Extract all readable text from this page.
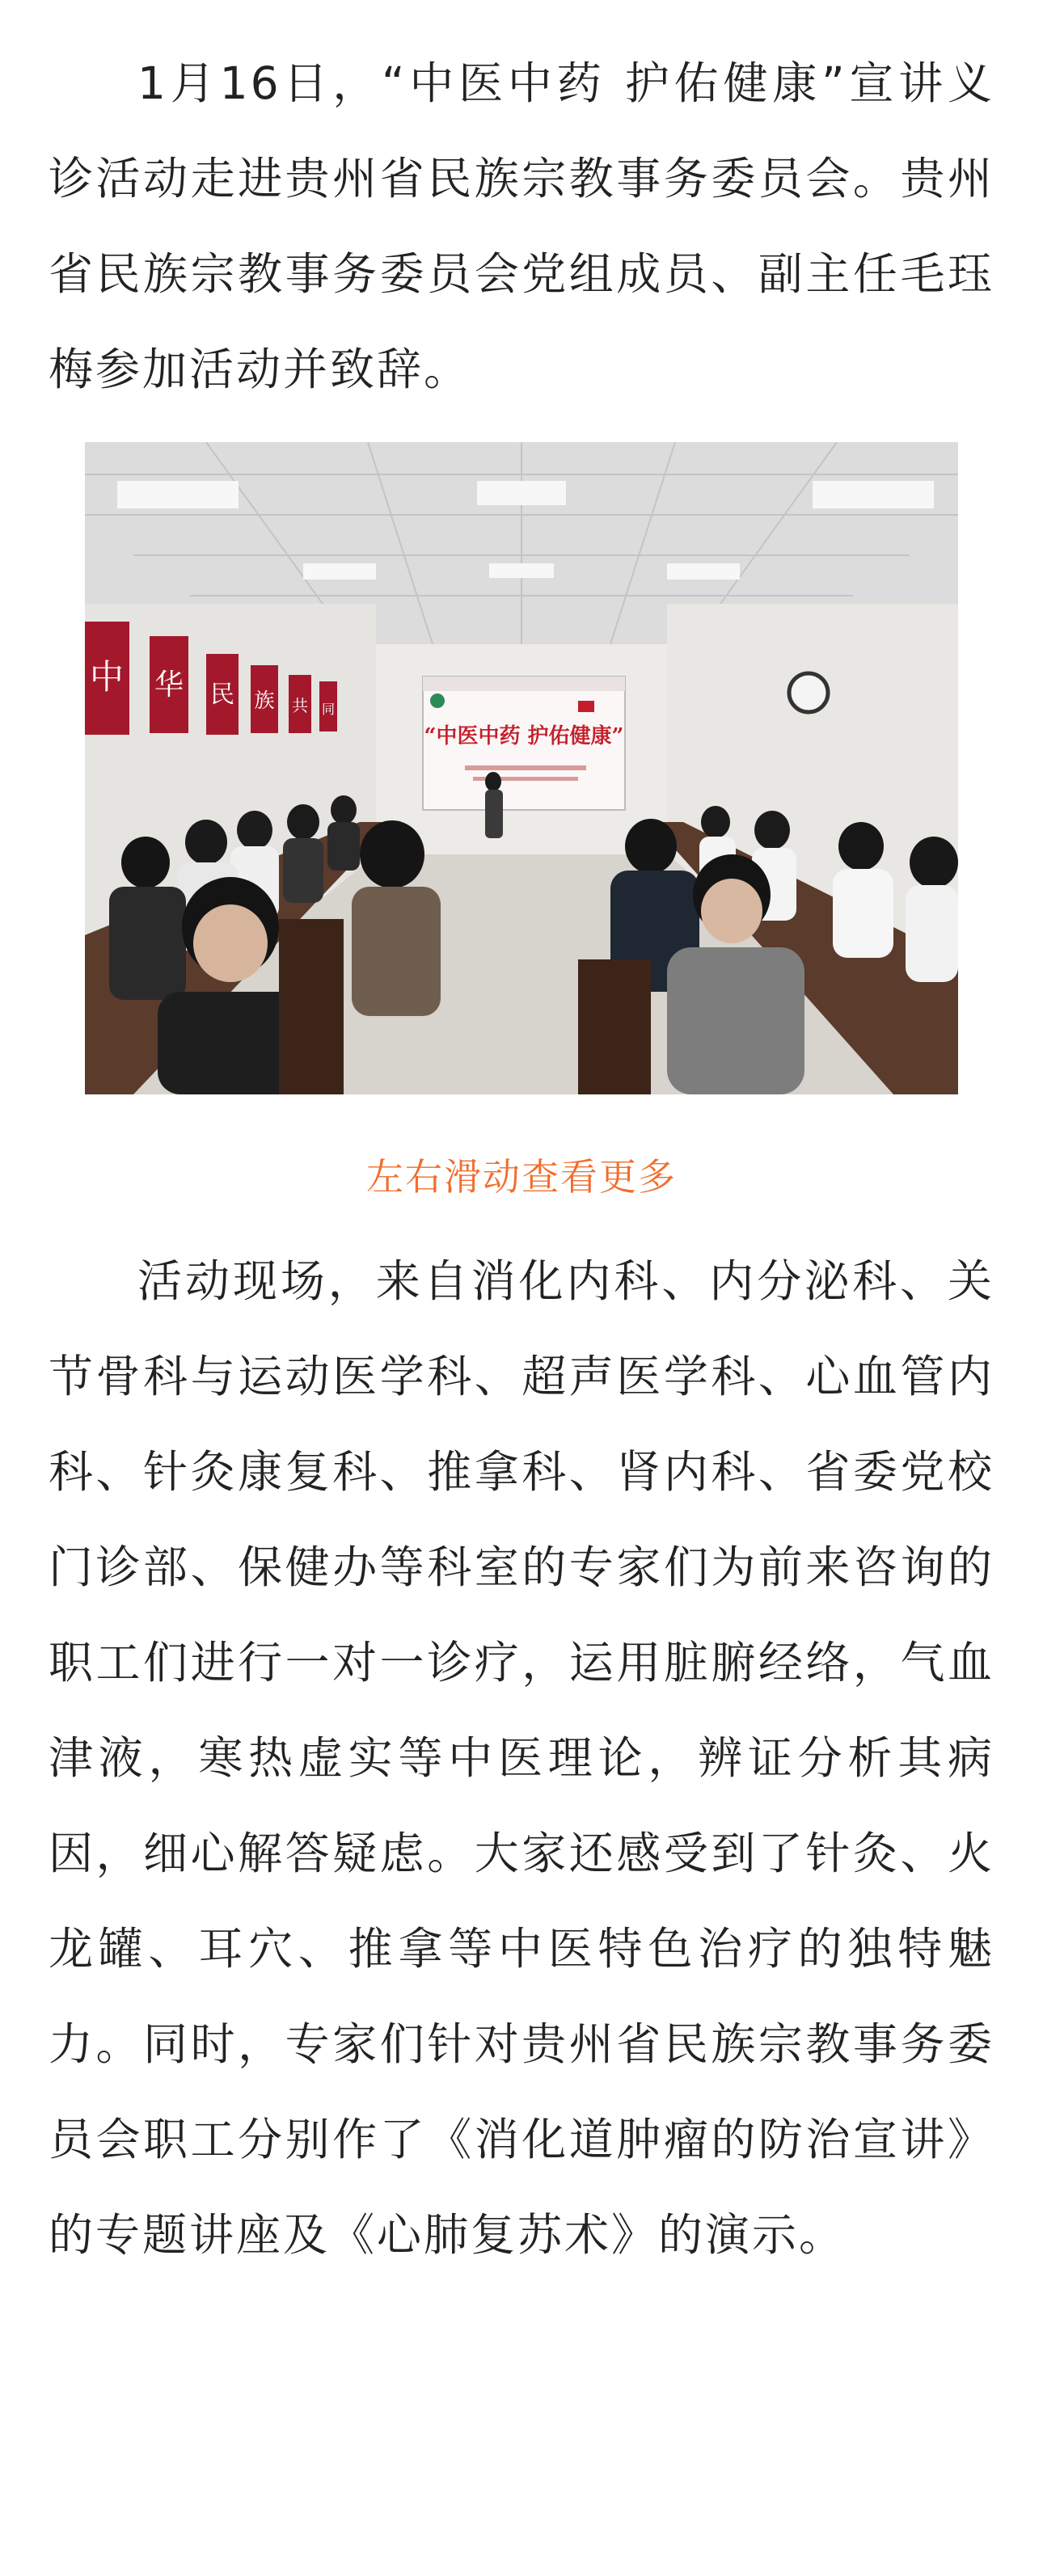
1月16日，“中医中药 护佑健康”宣讲义诊活动走进贵州省民族宗教事务委员会。贵州省民族宗教事务委员会党组成员、副主任毛珏梅参加活动并致辞。

中 华 民 族 共 同
“中医中药 护佑健康”
左右滑动查看更多

活动现场，来自消化内科、内分泌科、关节骨科与运动医学科、超声医学科、心血管内科、针灸康复科、推拿科、肾内科、省委党校门诊部、保健办等科室的专家们为前来咨询的职工们进行一对一诊疗，运用脏腑经络，气血津液，寒热虚实等中医理论，辨证分析其病因，细心解答疑虑。大家还感受到了针灸、火龙罐、耳穴、推拿等中医特色治疗的独特魅力。同时，专家们针对贵州省民族宗教事务委员会职工分别作了《消化道肿瘤的防治宣讲》的专题讲座及《心肺复苏术》的演示。
